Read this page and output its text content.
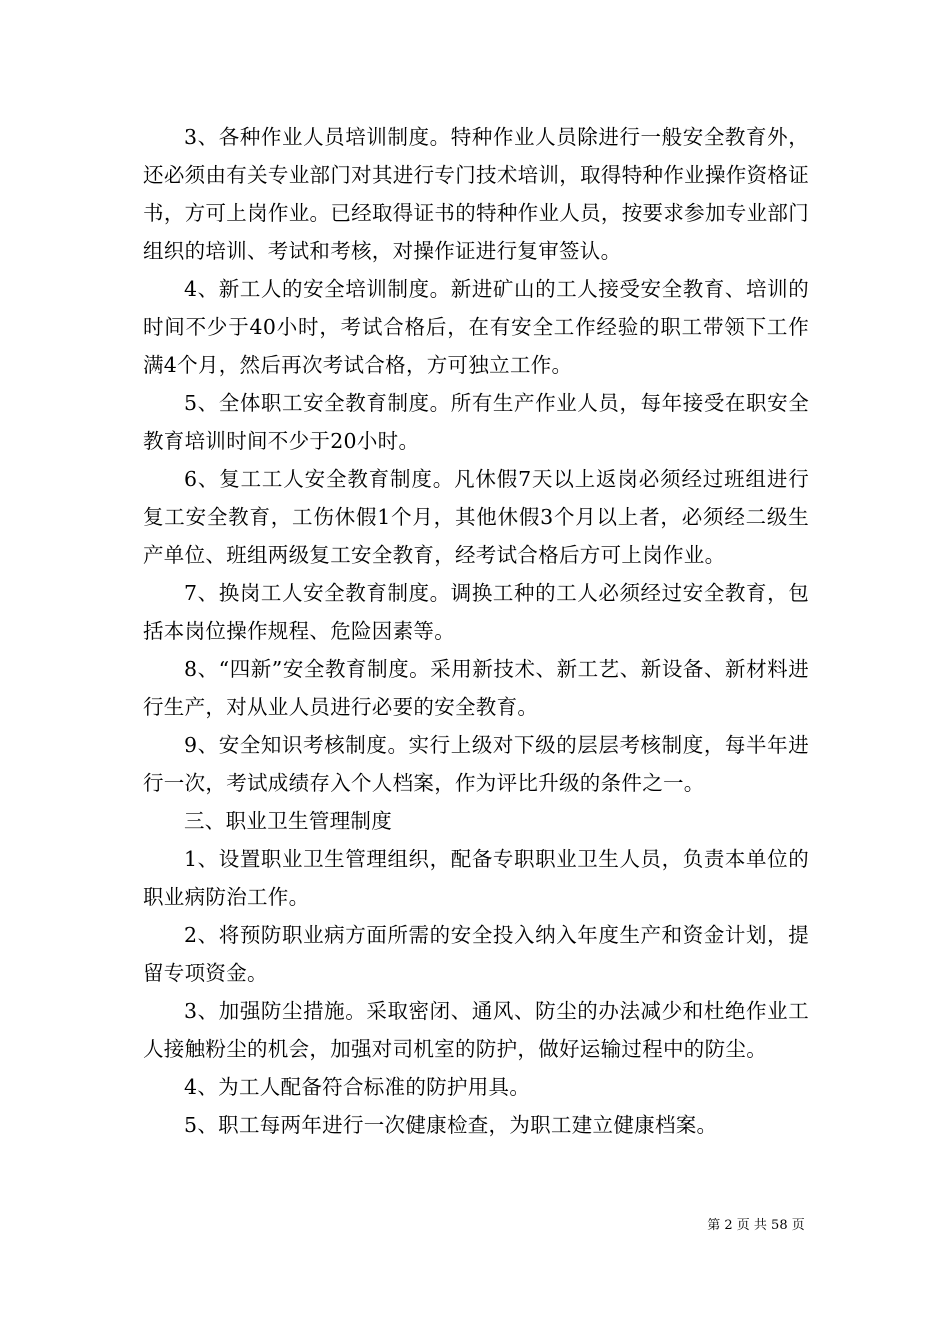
3、各种作业人员培训制度。特种作业人员除进行一般安全教育外，还必须由有关专业部门对其进行专门技术培训，取得特种作业操作资格证书，方可上岗作业。已经取得证书的特种作业人员，按要求参加专业部门组织的培训、考试和考核，对操作证进行复审签认。

4、新工人的安全培训制度。新进矿山的工人接受安全教育、培训的时间不少于40小时，考试合格后，在有安全工作经验的职工带领下工作满4个月，然后再次考试合格，方可独立工作。

5、全体职工安全教育制度。所有生产作业人员，每年接受在职安全教育培训时间不少于20小时。

6、复工工人安全教育制度。凡休假7天以上返岗必须经过班组进行复工安全教育，工伤休假1个月，其他休假3个月以上者，必须经二级生产单位、班组两级复工安全教育，经考试合格后方可上岗作业。

7、换岗工人安全教育制度。调换工种的工人必须经过安全教育，包括本岗位操作规程、危险因素等。

8、“四新”安全教育制度。采用新技术、新工艺、新设备、新材料进行生产，对从业人员进行必要的安全教育。

9、安全知识考核制度。实行上级对下级的层层考核制度，每半年进行一次，考试成绩存入个人档案，作为评比升级的条件之一。

三、职业卫生管理制度

1、设置职业卫生管理组织，配备专职职业卫生人员，负责本单位的职业病防治工作。

2、将预防职业病方面所需的安全投入纳入年度生产和资金计划，提留专项资金。

3、加强防尘措施。采取密闭、通风、防尘的办法减少和杜绝作业工人接触粉尘的机会，加强对司机室的防护，做好运输过程中的防尘。

4、为工人配备符合标准的防护用具。

5、职工每两年进行一次健康检查，为职工建立健康档案。

第 2 页 共 58 页
